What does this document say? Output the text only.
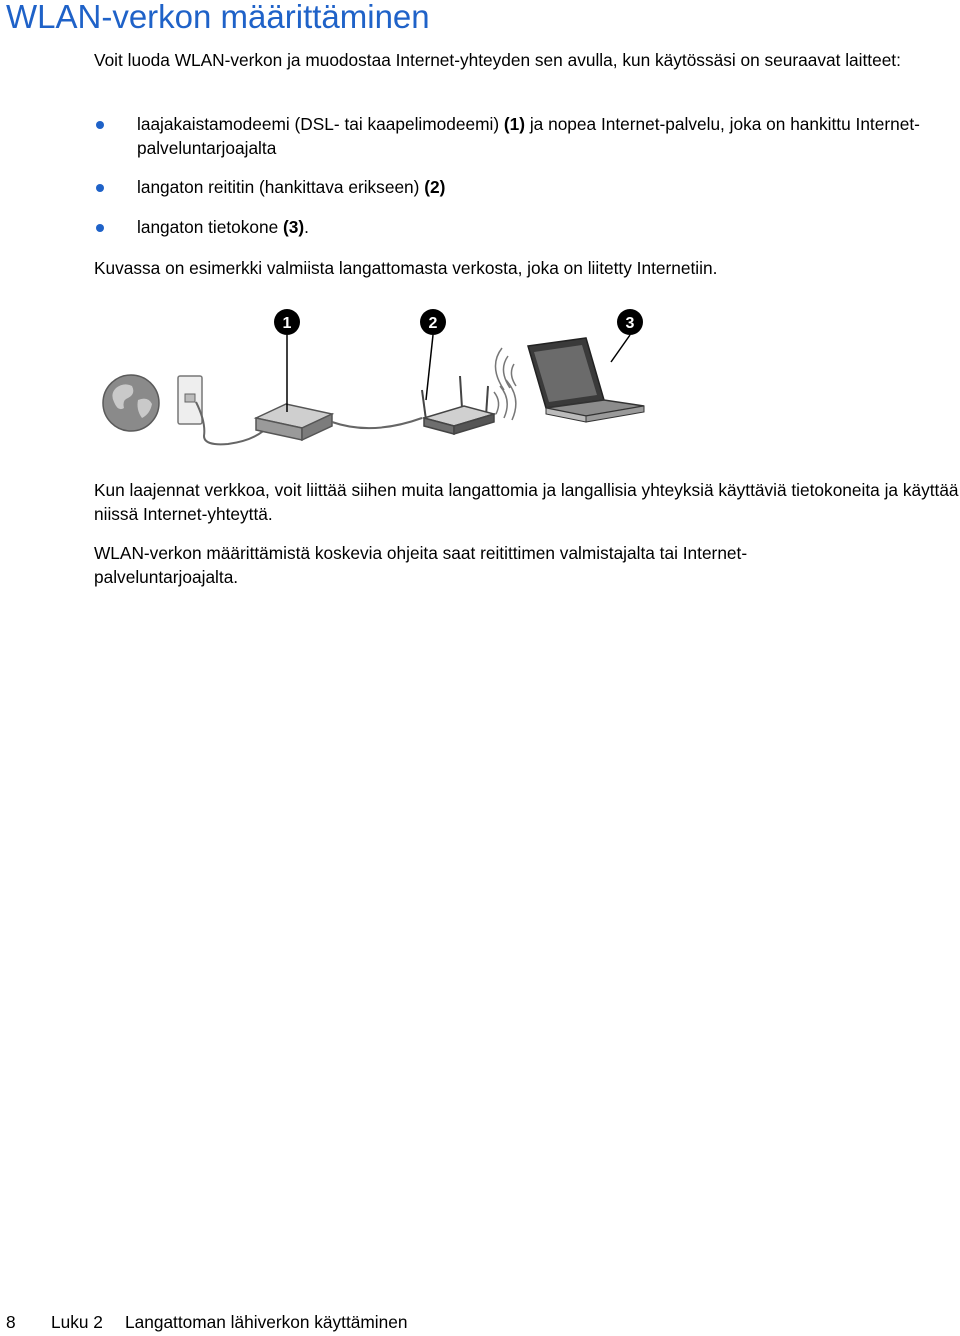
WLAN-verkon määrittäminen

Voit luoda WLAN-verkon ja muodostaa Internet-yhteyden sen avulla, kun käytössäsi on seuraavat laitteet:

laajakaistamodeemi (DSL- tai kaapelimodeemi) (1) ja nopea Internet-palvelu, joka on hankittu Internet-palveluntarjoajalta
langaton reititin (hankittava erikseen) (2)
langaton tietokone (3).

Kuvassa on esimerkki valmiista langattomasta verkosta, joka on liitetty Internetiin.

1	2	3

Kun laajennat verkkoa, voit liittää siihen muita langattomia ja langallisia yhteyksiä käyttäviä tietokoneita ja käyttää niissä Internet-yhteyttä.

WLAN-verkon määrittämistä koskevia ohjeita saat reitittimen valmistajalta tai Internet-palveluntarjoajalta.

8 Luku 2 Langattoman lähiverkon käyttäminen
